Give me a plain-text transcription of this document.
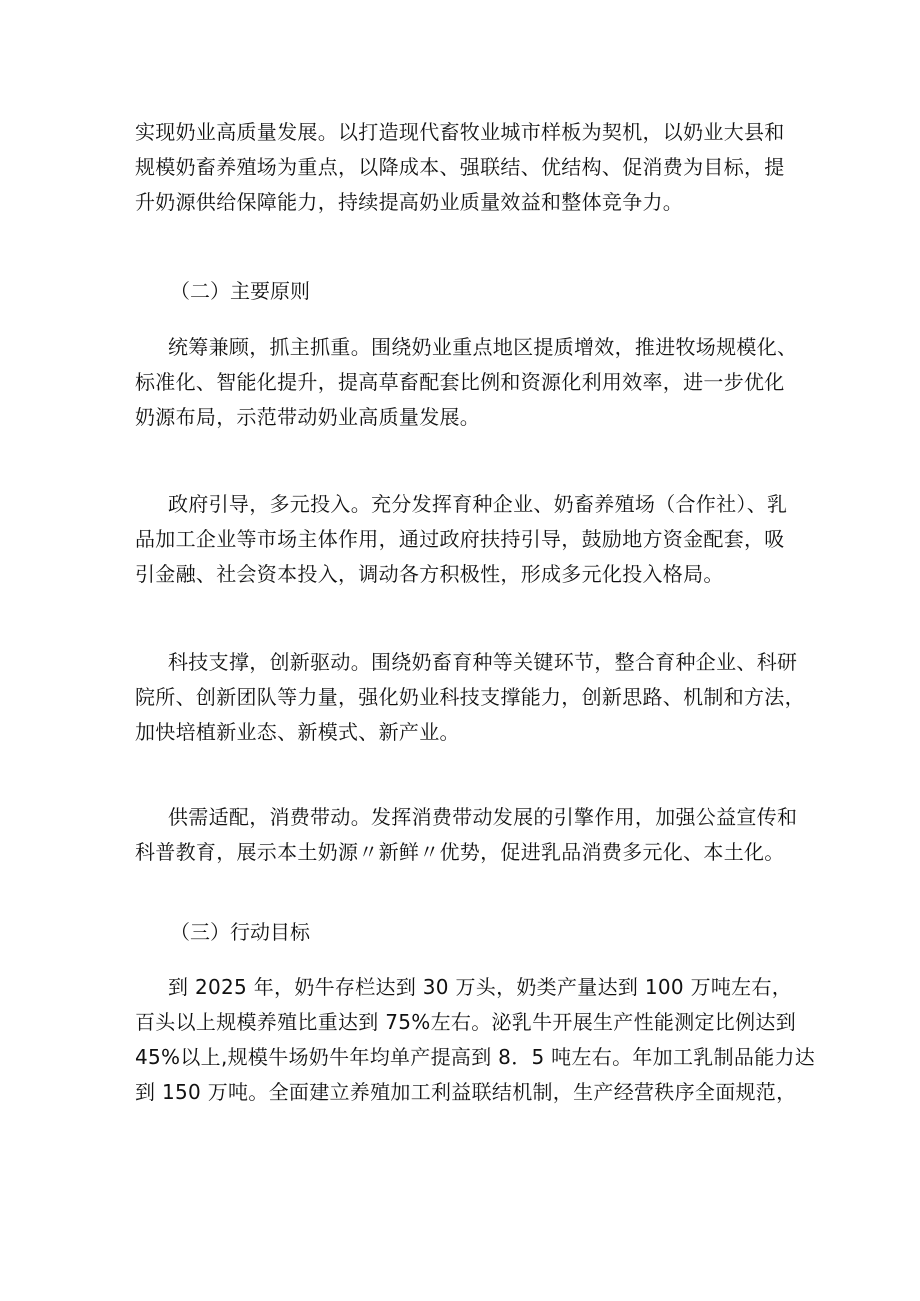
实现奶业高质量发展。以打造现代畜牧业城市样板为契机，以奶业大县和
规模奶畜养殖场为重点，以降成本、强联结、优结构、促消费为目标，提
升奶源供给保障能力，持续提高奶业质量效益和整体竞争力。
（二）主要原则
统筹兼顾，抓主抓重。围绕奶业重点地区提质增效，推进牧场规模化、
标准化、智能化提升，提高草畜配套比例和资源化利用效率，进一步优化
奶源布局，示范带动奶业高质量发展。
政府引导，多元投入。充分发挥育种企业、奶畜养殖场（合作社）、乳
品加工企业等市场主体作用，通过政府扶持引导，鼓励地方资金配套，吸
引金融、社会资本投入，调动各方积极性，形成多元化投入格局。
科技支撑，创新驱动。围绕奶畜育种等关键环节，整合育种企业、科研
院所、创新团队等力量，强化奶业科技支撑能力，创新思路、机制和方法，
加快培植新业态、新模式、新产业。
供需适配，消费带动。发挥消费带动发展的引擎作用，加强公益宣传和
科普教育，展示本土奶源〃新鲜〃优势，促进乳品消费多元化、本土化。
（三）行动目标
到 2025 年，奶牛存栏达到 30 万头，奶类产量达到 100 万吨左右，
百头以上规模养殖比重达到 75%左右。泌乳牛开展生产性能测定比例达到
45%以上,规模牛场奶牛年均单产提高到 8．5 吨左右。年加工乳制品能力达
到 150 万吨。全面建立养殖加工利益联结机制，生产经营秩序全面规范，
